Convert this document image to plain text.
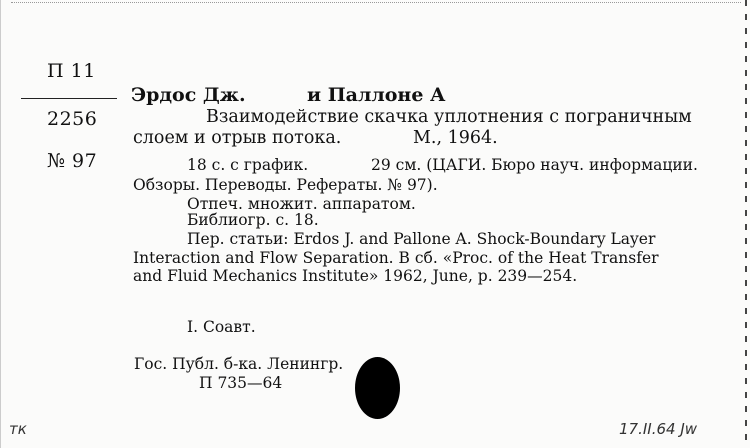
П 11
2256
№ 97
Эрдос Дж.	и Паллоне А
Взаимодействие скачка уплотнения с пограничным
слоем и отрыв потока.	М., 1964.
18 с. с график.	29 см. (ЦАГИ. Бюро науч. информации.
Обзоры. Переводы. Рефераты. № 97).
Отпеч. множит. аппаратом.
Библиогр. с. 18.
Пер. статьи: Erdos J. and Pallone A. Shock-Boundary Layer
Interaction and Flow Separation. В сб. «Proc. of the Heat Transfer
and Fluid Mechanics Institute» 1962, June, p. 239—254.
I. Соавт.
Гос. Публ. б-ка. Ленингр.
П 735—64
тк	17.II.64 Jw
